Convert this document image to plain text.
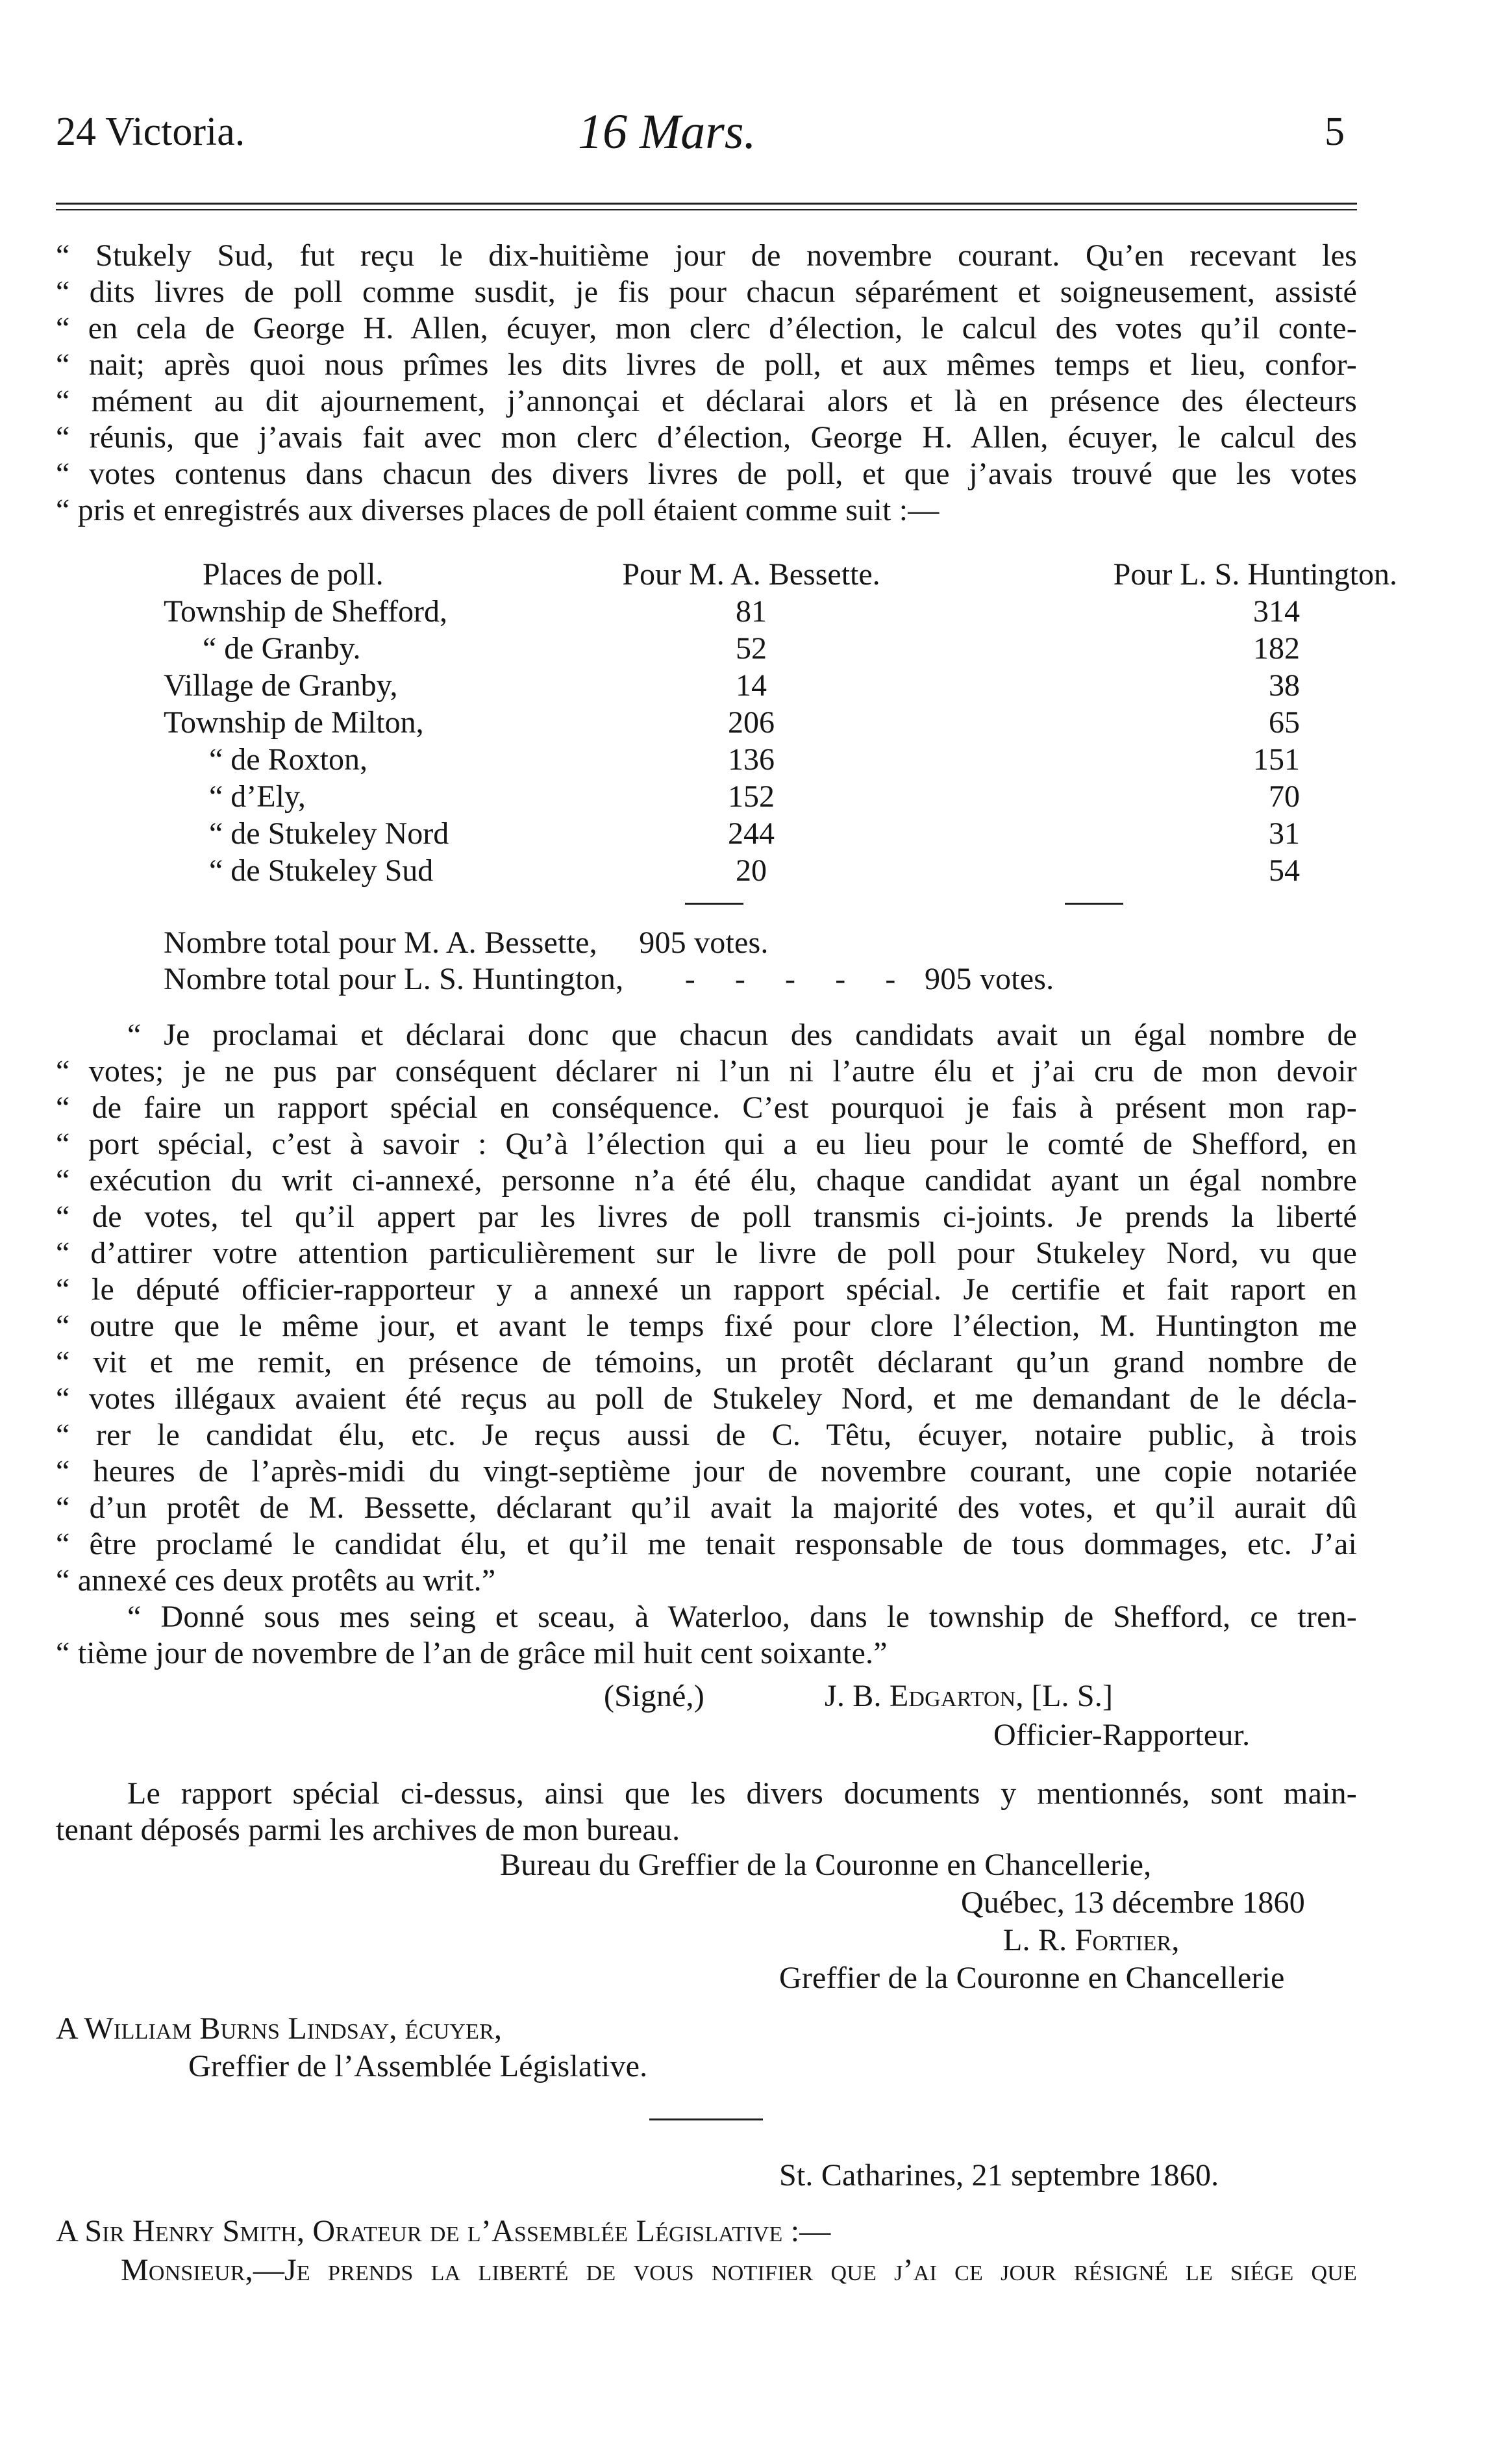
24 Victoria.	16 Mars.	5
“ Stukely Sud, fut reçu le dix-huitième jour de novembre courant. Qu’en recevant les
“ dits livres de poll comme susdit, je fis pour chacun séparément et soigneusement, assisté
“ en cela de George H. Allen, écuyer, mon clerc d’élection, le calcul des votes qu’il conte-
“ nait; après quoi nous prîmes les dits livres de poll, et aux mêmes temps et lieu, confor-
“ mément au dit ajournement, j’annonçai et déclarai alors et là en présence des électeurs
“ réunis, que j’avais fait avec mon clerc d’élection, George H. Allen, écuyer, le calcul des
“ votes contenus dans chacun des divers livres de poll, et que j’avais trouvé que les votes
“ pris et enregistrés aux diverses places de poll étaient comme suit :—
Places de poll.	Pour M. A. Bessette.	Pour L. S. Huntington.
Township de Shefford,	81	314
“ de Granby.	52	182
Village de Granby,	14	38
Township de Milton,	206	65
“ de Roxton,	136	151
“ d’Ely,	152	70
“ de Stukeley Nord	244	31
“ de Stukeley Sud	20	54
Nombre total pour M. A. Bessette, 905 votes.
Nombre total pour L. S. Huntington, -     -     -     -     - 905 votes.
“ Je proclamai et déclarai donc que chacun des candidats avait un égal nombre de
“ votes; je ne pus par conséquent déclarer ni l’un ni l’autre élu et j’ai cru de mon devoir
“ de faire un rapport spécial en conséquence. C’est pourquoi je fais à présent mon rap-
“ port spécial, c’est à savoir : Qu’à l’élection qui a eu lieu pour le comté de Shefford, en
“ exécution du writ ci-annexé, personne n’a été élu, chaque candidat ayant un égal nombre
“ de votes, tel qu’il appert par les livres de poll transmis ci-joints. Je prends la liberté
“ d’attirer votre attention particulièrement sur le livre de poll pour Stukeley Nord, vu que
“ le député officier-rapporteur y a annexé un rapport spécial. Je certifie et fait raport en
“ outre que le même jour, et avant le temps fixé pour clore l’élection, M. Huntington me
“ vit et me remit, en présence de témoins, un protêt déclarant qu’un grand nombre de
“ votes illégaux avaient été reçus au poll de Stukeley Nord, et me demandant de le décla-
“ rer le candidat élu, etc. Je reçus aussi de C. Têtu, écuyer, notaire public, à trois
“ heures de l’après-midi du vingt-septième jour de novembre courant, une copie notariée
“ d’un protêt de M. Bessette, déclarant qu’il avait la majorité des votes, et qu’il aurait dû
“ être proclamé le candidat élu, et qu’il me tenait responsable de tous dommages, etc. J’ai
“ annexé ces deux protêts au writ.”
“ Donné sous mes seing et sceau, à Waterloo, dans le township de Shefford, ce tren-
“ tième jour de novembre de l’an de grâce mil huit cent soixante.”
(Signé,)	J. B. Edgarton, [L. S.]
Officier-Rapporteur.
Le rapport spécial ci-dessus, ainsi que les divers documents y mentionnés, sont main-
tenant déposés parmi les archives de mon bureau.
Bureau du Greffier de la Couronne en Chancellerie,
Québec, 13 décembre 1860
L. R. Fortier,
Greffier de la Couronne en Chancellerie
A William Burns Lindsay, écuyer,
Greffier de l’Assemblée Législative.
St. Catharines, 21 septembre 1860.
A Sir Henry Smith, Orateur de l’Assemblée Législative :—
Monsieur,—Je prends la liberté de vous notifier que j’ai ce jour résigné le siége que
